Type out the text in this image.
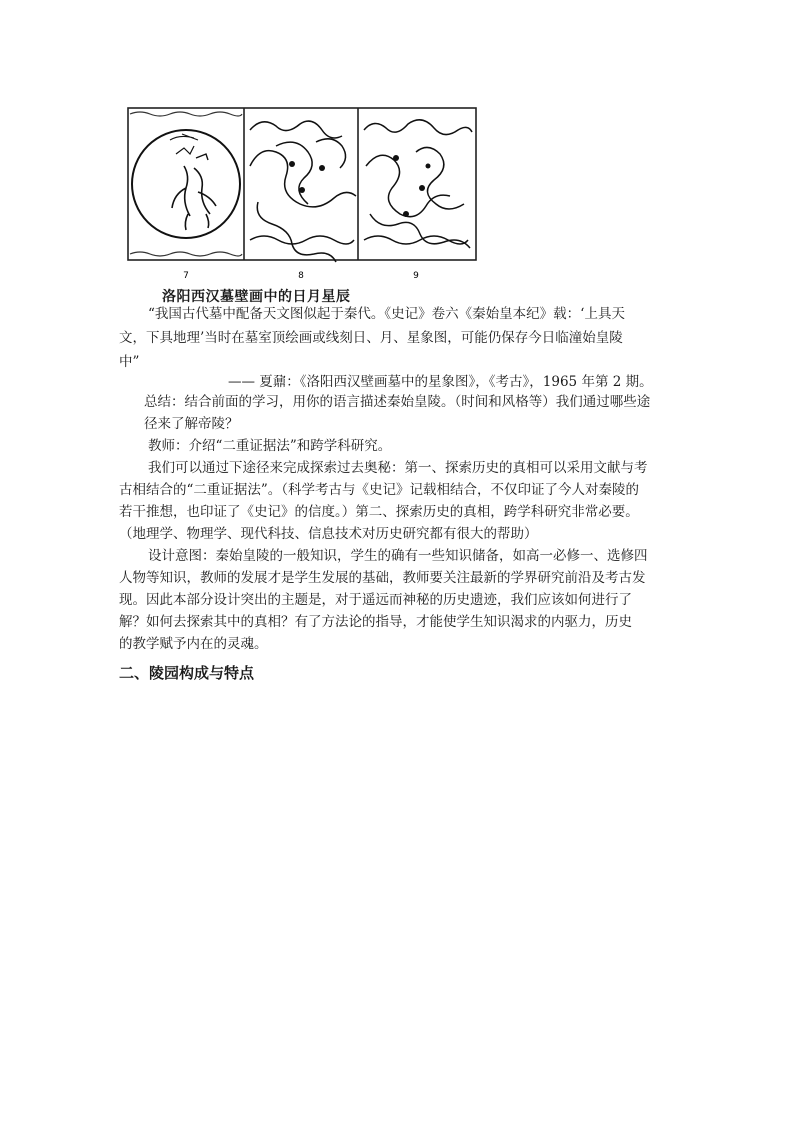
7	8	9
洛阳西汉墓壁画中的日月星辰
“我国古代墓中配备天文图似起于秦代。《史记》卷六《秦始皇本纪》载：‘上具天
文，下具地理’当时在墓室顶绘画或线刻日、月、星象图，可能仍保存今日临潼始皇陵
中”
—— 夏鼐：《洛阳西汉壁画墓中的星象图》，《考古》，1965 年第 2 期。
总结：结合前面的学习，用你的语言描述秦始皇陵。（时间和风格等）我们通过哪些途
径来了解帝陵？
教师：介绍“二重证据法”和跨学科研究。
我们可以通过下途径来完成探索过去奥秘：第一、探索历史的真相可以采用文献与考
古相结合的“二重证据法”。（科学考古与《史记》记载相结合，不仅印证了今人对秦陵的
若干推想，也印证了《史记》的信度。）第二、探索历史的真相，跨学科研究非常必要。
（地理学、物理学、现代科技、信息技术对历史研究都有很大的帮助）
设计意图：秦始皇陵的一般知识，学生的确有一些知识储备，如高一必修一、选修四
人物等知识，教师的发展才是学生发展的基础，教师要关注最新的学界研究前沿及考古发
现。因此本部分设计突出的主题是，对于遥远而神秘的历史遗迹，我们应该如何进行了
解？如何去探索其中的真相？有了方法论的指导，才能使学生知识渴求的内驱力，历史
的教学赋予内在的灵魂。
二、陵园构成与特点
